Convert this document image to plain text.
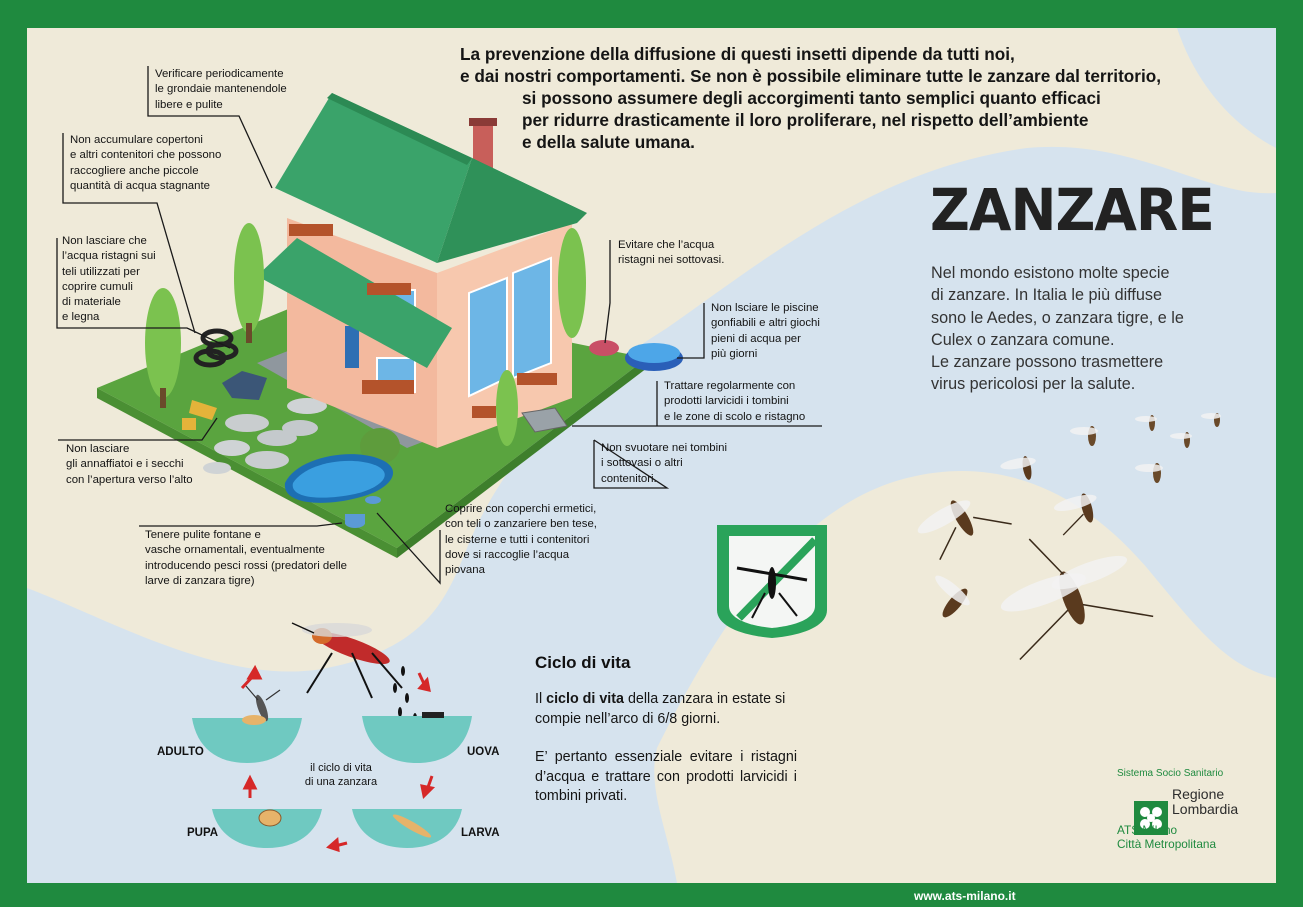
La prevenzione della diffusione di questi insetti dipende da tutti noi,
e dai nostri comportamenti. Se non è possibile eliminare tutte le zanzare dal territorio,
si possono assumere degli accorgimenti tanto semplici quanto efficaci
per ridurre drasticamente il loro proliferare, nel rispetto dell’ambiente
e della salute umana.

ZANZARE

Nel mondo esistono molte specie
di zanzare. In Italia le più diffuse
sono le Aedes, o zanzara tigre, e le
Culex o zanzara comune.
Le zanzare possono trasmettere
virus pericolosi per la salute.

Verificare periodicamente
le grondaie mantenendole
libere e pulite

Non accumulare copertoni
e altri contenitori che possono
raccogliere anche piccole
quantità di acqua stagnante

Non lasciare che
l’acqua ristagni sui
teli utilizzati per
coprire cumuli
di materiale
e legna

Non lasciare
gli annaffiatoi e i secchi
con l’apertura verso l’alto

Tenere pulite fontane e
vasche ornamentali, eventualmente
introducendo pesci rossi (predatori delle
larve di zanzara tigre)

Coprire con coperchi ermetici,
con teli o zanzariere ben tese,
le cisterne e tutti i contenitori
dove si raccoglie l’acqua
piovana

Evitare che l’acqua
ristagni nei sottovasi.

Non lsciare le piscine
gonfiabili e altri giochi
pieni di acqua per
più giorni

Trattare regolarmente con
prodotti larvicidi i tombini
e le zone di scolo e ristagno

Non svuotare nei tombini
i sottovasi o altri
contenitori.

Ciclo di vita

Il ciclo di vita della zanzara in estate si compie nell’arco di 6/8 giorni.

E’ pertanto essenziale evitare i ristagni d’acqua e trattare con prodotti larvicidi i tombini privati.

ADULTO	UOVA

PUPA	LARVA

il ciclo di vita
di una zanzara

Sistema Socio Sanitario

Regione
Lombardia

ATS Milano
Città Metropolitana

www.ats-milano.it
